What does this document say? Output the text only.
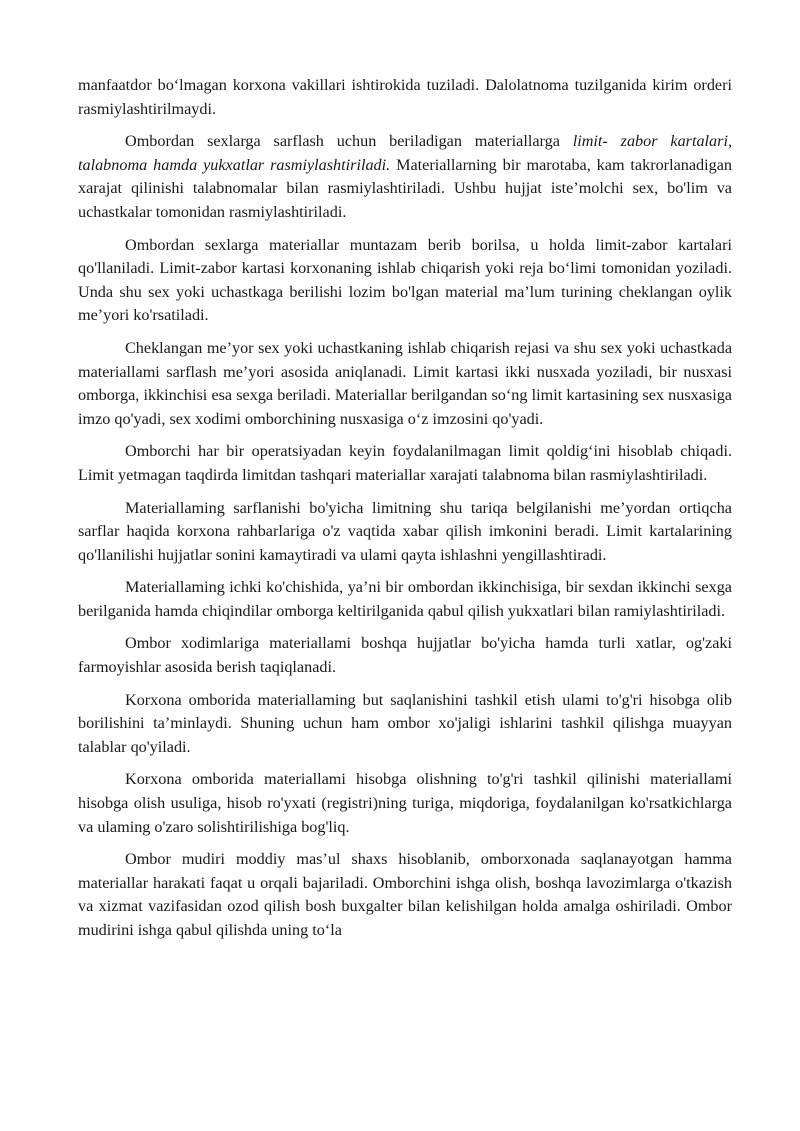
manfaatdor bo‘lmagan korxona vakillari ishtirokida tuziladi. Dalolatnoma tuzilganida kirim orderi rasmiylashtirilmaydi.

Ombordan sexlarga sarflash uchun beriladigan materiallarga limit- zabor kartalari, talabnoma hamda yukxatlar rasmiylashtiriladi. Materiallarning bir marotaba, kam takrorlanadigan xarajat qilinishi talabnomalar bilan rasmiylashtiriladi. Ushbu hujjat iste’molchi sex, bo'lim va uchastkalar tomonidan rasmiylashtiriladi.

Ombordan sexlarga materiallar muntazam berib borilsa, u holda limit-zabor kartalari qo'llaniladi. Limit-zabor kartasi korxonaning ishlab chiqarish yoki reja bo‘limi tomonidan yoziladi. Unda shu sex yoki uchastkaga berilishi lozim bo'lgan material ma’lum turining cheklangan oylik me’yori ko'rsatiladi.

Cheklangan me’yor sex yoki uchastkaning ishlab chiqarish rejasi va shu sex yoki uchastkada materiallami sarflash me’yori asosida aniqlanadi. Limit kartasi ikki nusxada yoziladi, bir nusxasi omborga, ikkinchisi esa sexga beriladi. Materiallar berilgandan so‘ng limit kartasining sex nusxasiga imzo qo'yadi, sex xodimi omborchining nusxasiga o‘z imzosini qo'yadi.

Omborchi har bir operatsiyadan keyin foydalanilmagan limit qoldig‘ini hisoblab chiqadi. Limit yetmagan taqdirda limitdan tashqari materiallar xarajati talabnoma bilan rasmiylashtiriladi.

Materiallaming sarflanishi bo'yicha limitning shu tariqa belgilanishi me’yordan ortiqcha sarflar haqida korxona rahbarlariga o'z vaqtida xabar qilish imkonini beradi. Limit kartalarining qo'llanilishi hujjatlar sonini kamaytiradi va ulami qayta ishlashni yengillashtiradi.

Materiallaming ichki ko'chishida, ya’ni bir ombordan ikkinchisiga, bir sexdan ikkinchi sexga berilganida hamda chiqindilar omborga keltirilganida qabul qilish yukxatlari bilan ramiylashtiriladi.

Ombor xodimlariga materiallami boshqa hujjatlar bo'yicha hamda turli xatlar, og'zaki farmoyishlar asosida berish taqiqlanadi.

Korxona omborida materiallaming but saqlanishini tashkil etish ulami to'g'ri hisobga olib borilishini ta’minlaydi. Shuning uchun ham ombor xo'jaligi ishlarini tashkil qilishga muayyan talablar qo'yiladi.

Korxona omborida materiallami hisobga olishning to'g'ri tashkil qilinishi materiallami hisobga olish usuliga, hisob ro'yxati (registri)ning turiga, miqdoriga, foydalanilgan ko'rsatkichlarga va ulaming o'zaro solishtirilishiga bog'liq.

Ombor mudiri moddiy mas’ul shaxs hisoblanib, omborxonada saqlanayotgan hamma materiallar harakati faqat u orqali bajariladi. Omborchini ishga olish, boshqa lavozimlarga o'tkazish va xizmat vazifasidan ozod qilish bosh buxgalter bilan kelishilgan holda amalga oshiriladi. Ombor mudirini ishga qabul qilishda uning to‘la
